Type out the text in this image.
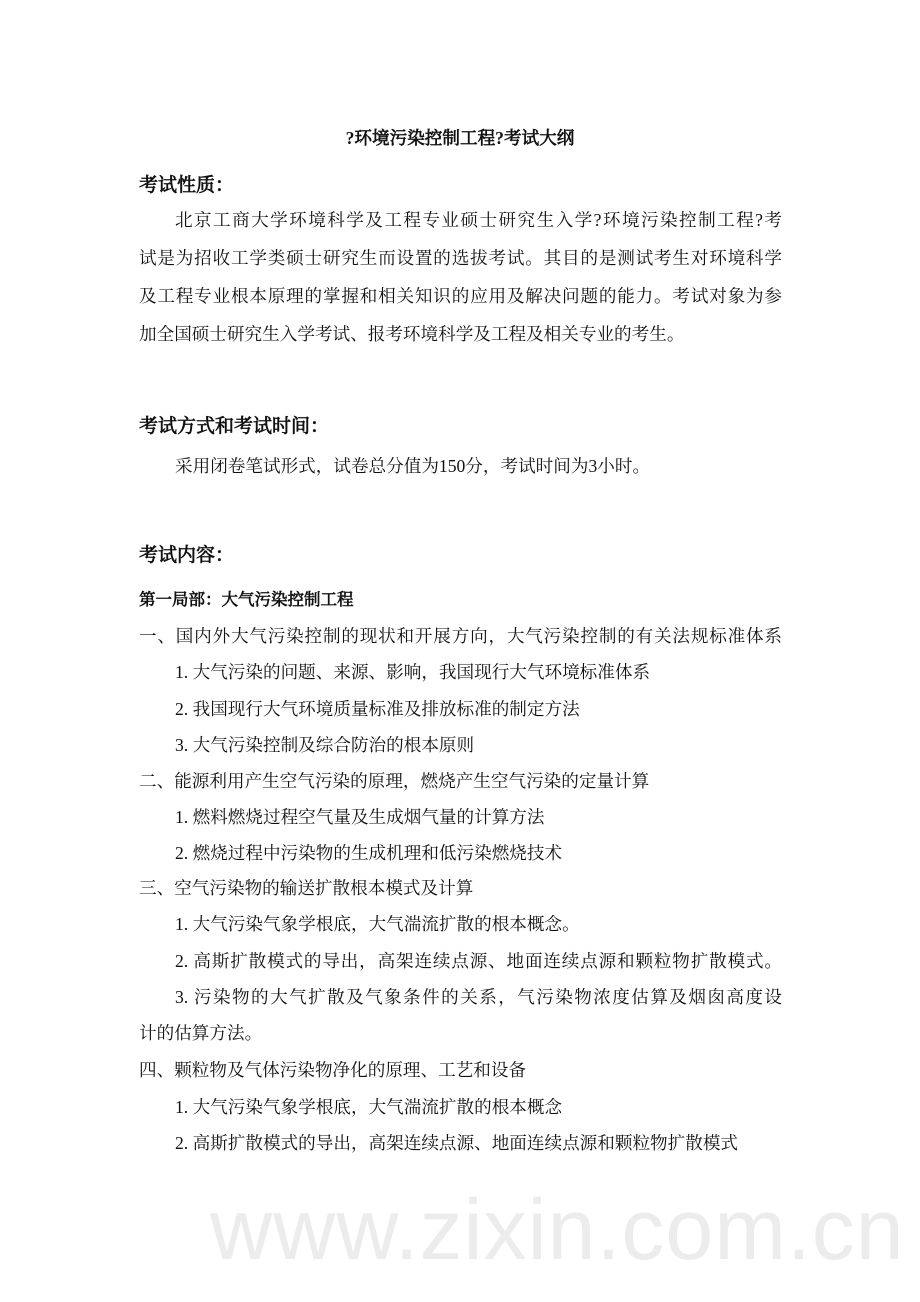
?环境污染控制工程?考试大纲
考试性质：
北京工商大学环境科学及工程专业硕士研究生入学?环境污染控制工程?考
试是为招收工学类硕士研究生而设置的选拔考试。其目的是测试考生对环境科学
及工程专业根本原理的掌握和相关知识的应用及解决问题的能力。考试对象为参
加全国硕士研究生入学考试、报考环境科学及工程及相关专业的考生。
考试方式和考试时间：
采用闭卷笔试形式，试卷总分值为150分，考试时间为3小时。
考试内容：
第一局部：大气污染控制工程
一、国内外大气污染控制的现状和开展方向，大气污染控制的有关法规标准体系
1. 大气污染的问题、来源、影响，我国现行大气环境标准体系
2. 我国现行大气环境质量标准及排放标准的制定方法
3. 大气污染控制及综合防治的根本原则
二、能源利用产生空气污染的原理，燃烧产生空气污染的定量计算
1. 燃料燃烧过程空气量及生成烟气量的计算方法
2. 燃烧过程中污染物的生成机理和低污染燃烧技术
三、空气污染物的输送扩散根本模式及计算
1. 大气污染气象学根底，大气湍流扩散的根本概念。
2. 高斯扩散模式的导出，高架连续点源、地面连续点源和颗粒物扩散模式。
3. 污染物的大气扩散及气象条件的关系，气污染物浓度估算及烟囱高度设
计的估算方法。
四、颗粒物及气体污染物净化的原理、工艺和设备
1. 大气污染气象学根底，大气湍流扩散的根本概念
2. 高斯扩散模式的导出，高架连续点源、地面连续点源和颗粒物扩散模式
www.zixin.com.cn
